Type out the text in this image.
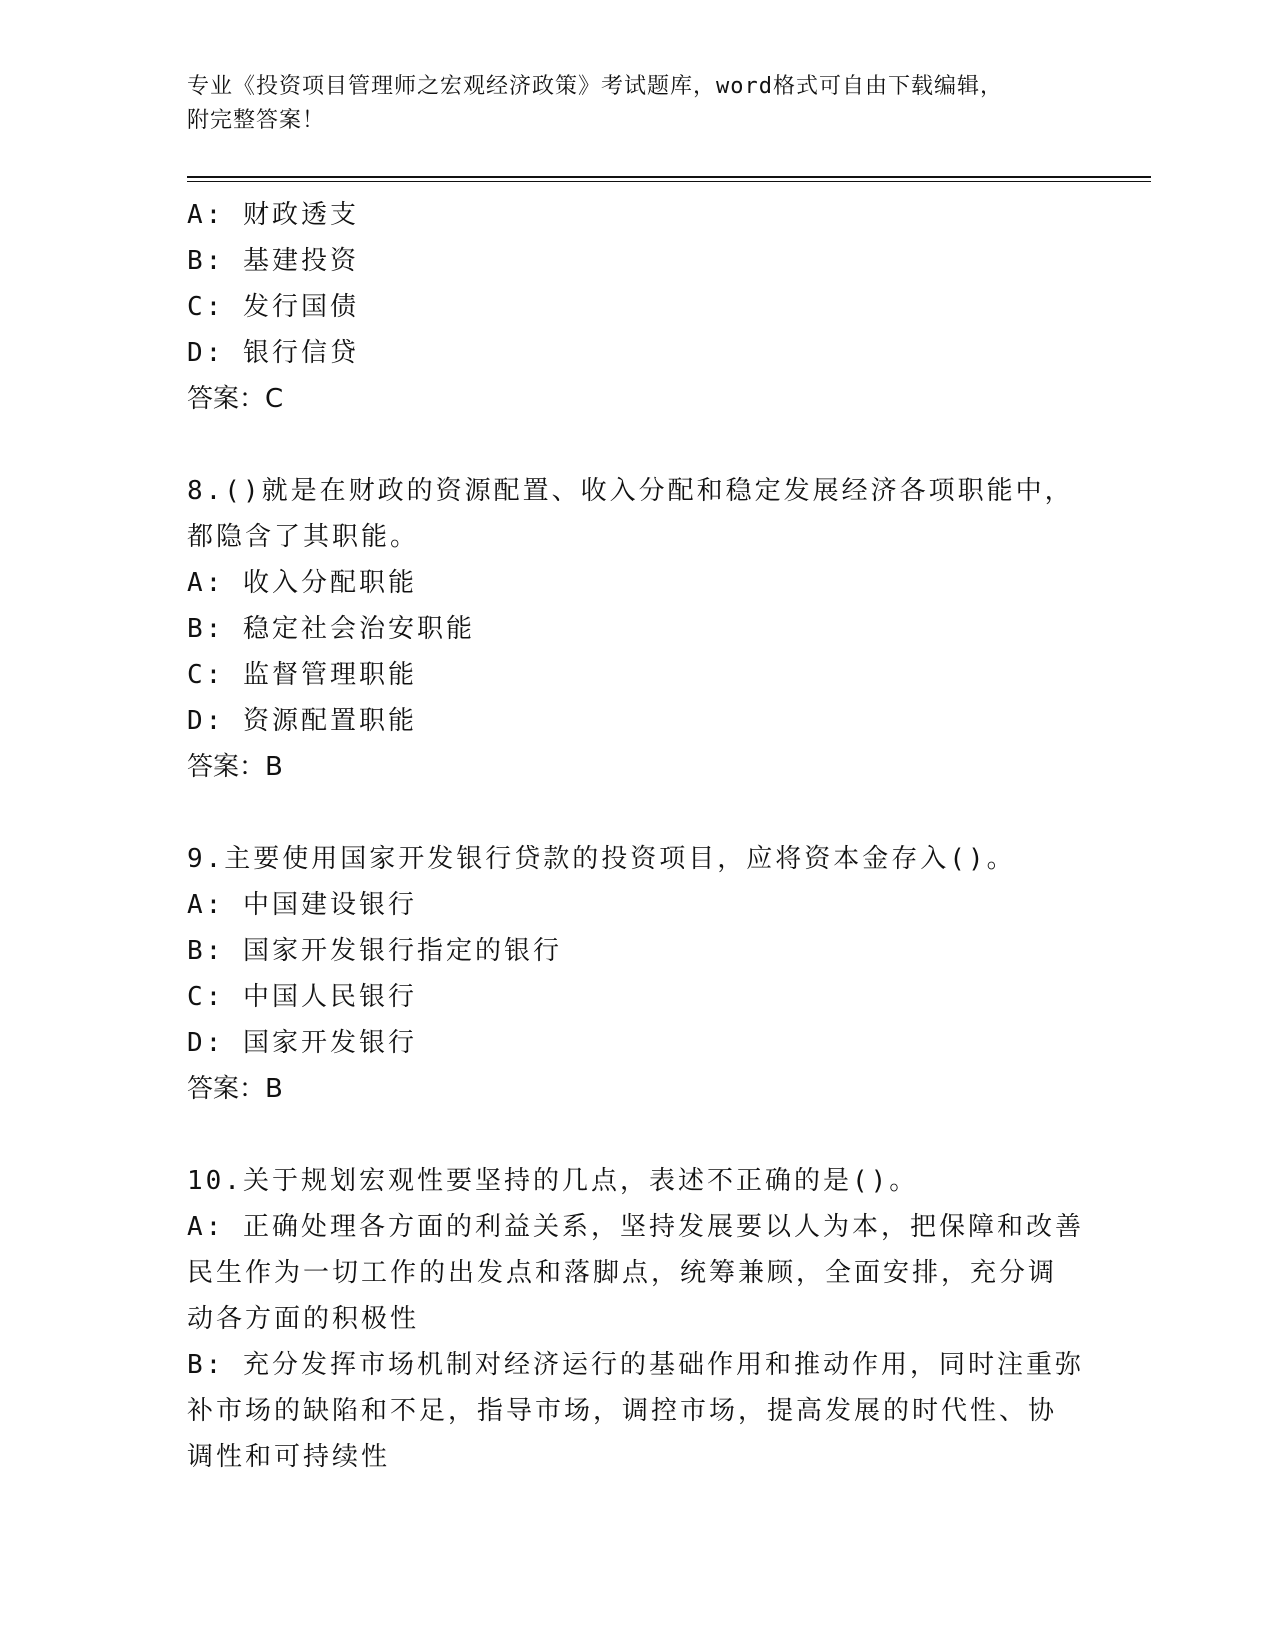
专业《投资项目管理师之宏观经济政策》考试题库，word格式可自由下载编辑，

附完整答案！

A: 财政透支

B: 基建投资

C: 发行国债

D: 银行信贷

答案：C

8.()就是在财政的资源配置、收入分配和稳定发展经济各项职能中，

都隐含了其职能。

A: 收入分配职能

B: 稳定社会治安职能

C: 监督管理职能

D: 资源配置职能

答案：B

9.主要使用国家开发银行贷款的投资项目，应将资本金存入()。

A: 中国建设银行

B: 国家开发银行指定的银行

C: 中国人民银行

D: 国家开发银行

答案：B

10.关于规划宏观性要坚持的几点，表述不正确的是()。

A: 正确处理各方面的利益关系，坚持发展要以人为本，把保障和改善

民生作为一切工作的出发点和落脚点，统筹兼顾，全面安排，充分调

动各方面的积极性

B: 充分发挥市场机制对经济运行的基础作用和推动作用，同时注重弥

补市场的缺陷和不足，指导市场，调控市场，提高发展的时代性、协

调性和可持续性
